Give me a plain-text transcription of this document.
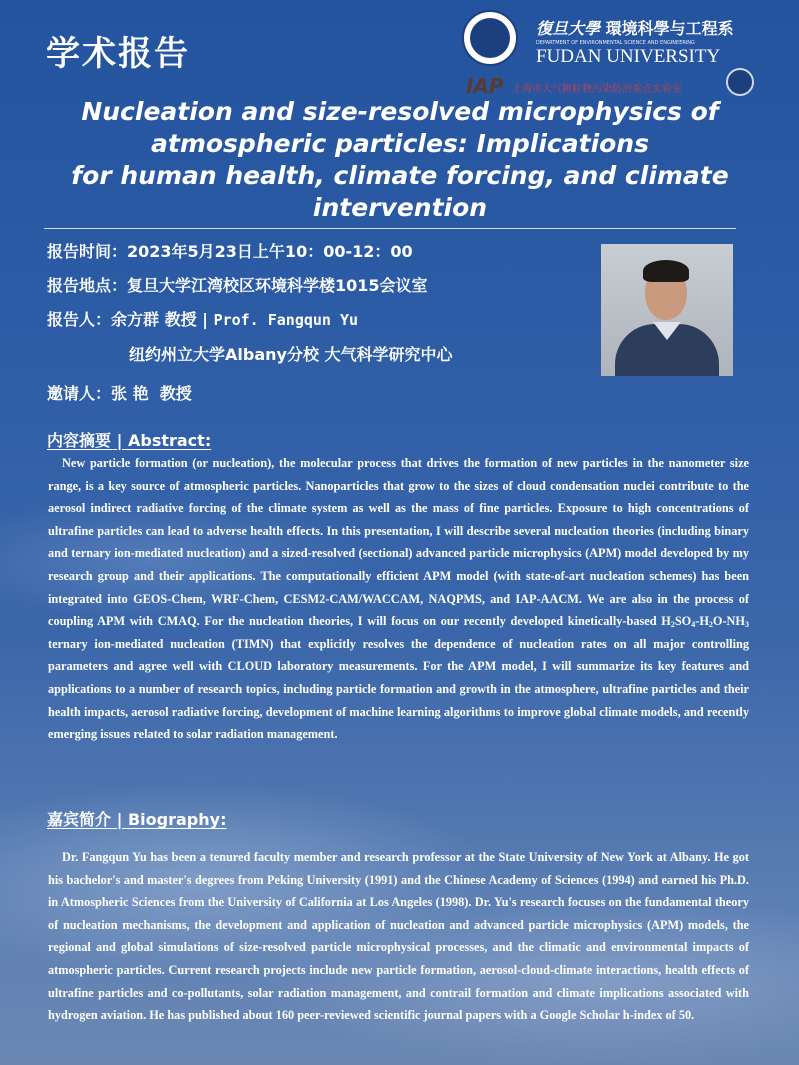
学术报告
復旦大學 環境科學与工程系
DEPARTMENT OF ENVIRONMENTAL SCIENCE AND ENGINEERING
FUDAN UNIVERSITY
IAP 上海市大气颗粒物污染防治重点实验室
Nucleation and size-resolved microphysics of
atmospheric particles: Implications
for human health, climate forcing, and climate
intervention
报告时间：2023年5月23日上午10：00-12：00
报告地点：复旦大学江湾校区环境科学楼1015会议室
报告人：余方群 教授 | Prof. Fangqun Yu
纽约州立大学Albany分校 大气科学研究中心
邀请人：张 艳  教授
内容摘要 | Abstract:
New particle formation (or nucleation), the molecular process that drives the formation of new particles in the nanometer size range, is a key source of atmospheric particles. Nanoparticles that grow to the sizes of cloud condensation nuclei contribute to the aerosol indirect radiative forcing of the climate system as well as the mass of fine particles. Exposure to high concentrations of ultrafine particles can lead to adverse health effects. In this presentation, I will describe several nucleation theories (including binary and ternary ion-mediated nucleation) and a sized-resolved (sectional) advanced particle microphysics (APM) model developed by my research group and their applications. The computationally efficient APM model (with state-of-art nucleation schemes) has been integrated into GEOS-Chem, WRF-Chem, CESM2-CAM/WACCAM, NAQPMS, and IAP-AACM. We are also in the process of coupling APM with CMAQ. For the nucleation theories, I will focus on our recently developed kinetically-based $H_2SO_4-H_2O-NH_3$ ternary ion-mediated nucleation (TIMN) that explicitly resolves the dependence of nucleation rates on all major controlling parameters and agree well with CLOUD laboratory measurements. For the APM model, I will summarize its key features and applications to a number of research topics, including particle formation and growth in the atmosphere, ultrafine particles and their health impacts, aerosol radiative forcing, development of machine learning algorithms to improve global climate models, and recently emerging issues related to solar radiation management.
嘉宾简介 | Biography:
Dr. Fangqun Yu has been a tenured faculty member and research professor at the State University of New York at Albany. He got his bachelor's and master's degrees from Peking University (1991) and the Chinese Academy of Sciences (1994) and earned his Ph.D. in Atmospheric Sciences from the University of California at Los Angeles (1998). Dr. Yu's research focuses on the fundamental theory of nucleation mechanisms, the development and application of nucleation and advanced particle microphysics (APM) models, the regional and global simulations of size-resolved particle microphysical processes, and the climatic and environmental impacts of atmospheric particles. Current research projects include new particle formation, aerosol-cloud-climate interactions, health effects of ultrafine particles and co-pollutants, solar radiation management, and contrail formation and climate implications associated with hydrogen aviation. He has published about 160 peer-reviewed scientific journal papers with a Google Scholar h-index of 50.
